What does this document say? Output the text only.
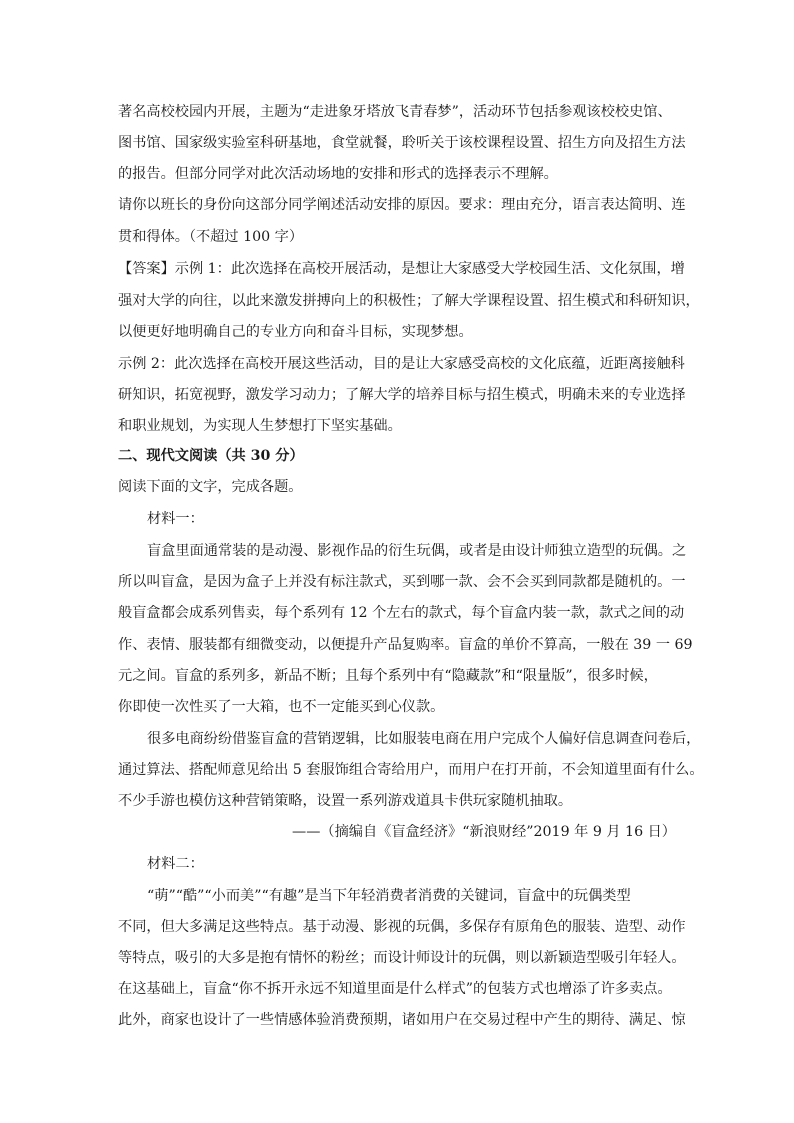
著名高校校园内开展，主题为“走进象牙塔放飞青春梦”，活动环节包括参观该校校史馆、
图书馆、国家级实验室科研基地，食堂就餐，聆听关于该校课程设置、招生方向及招生方法
的报告。但部分同学对此次活动场地的安排和形式的选择表示不理解。
请你以班长的身份向这部分同学阐述活动安排的原因。要求：理由充分，语言表达简明、连
贯和得体。（不超过 100 字）
【答案】示例 1：此次选择在高校开展活动，是想让大家感受大学校园生活、文化氛围，增
强对大学的向往，以此来激发拼搏向上的积极性；了解大学课程设置、招生模式和科研知识，
以便更好地明确自己的专业方向和奋斗目标，实现梦想。
示例 2：此次选择在高校开展这些活动，目的是让大家感受高校的文化底蕴，近距离接触科
研知识，拓宽视野，激发学习动力；了解大学的培养目标与招生模式，明确未来的专业选择
和职业规划，为实现人生梦想打下坚实基础。
二、现代文阅读（共 30 分）
阅读下面的文字，完成各题。
材料一：
盲盒里面通常装的是动漫、影视作品的衍生玩偶，或者是由设计师独立造型的玩偶。之
所以叫盲盒，是因为盒子上并没有标注款式，买到哪一款、会不会买到同款都是随机的。一
般盲盒都会成系列售卖，每个系列有 12 个左右的款式，每个盲盒内装一款，款式之间的动
作、表情、服装都有细微变动，以便提升产品复购率。盲盒的单价不算高，一般在 39 一 69
元之间。盲盒的系列多，新品不断；且每个系列中有“隐藏款”和“限量版”，很多时候，
你即使一次性买了一大箱，也不一定能买到心仪款。
很多电商纷纷借鉴盲盒的营销逻辑，比如服装电商在用户完成个人偏好信息调查问卷后，
通过算法、搭配师意见给出 5 套服饰组合寄给用户，而用户在打开前，不会知道里面有什么。
不少手游也模仿这种营销策略，设置一系列游戏道具卡供玩家随机抽取。
——（摘编自《盲盒经济》“新浪财经”2019 年 9 月 16 日）
材料二：
“萌”“酷”“小而美”“有趣”是当下年轻消费者消费的关键词，盲盒中的玩偶类型
不同，但大多满足这些特点。基于动漫、影视的玩偶，多保存有原角色的服装、造型、动作
等特点，吸引的大多是抱有情怀的粉丝；而设计师设计的玩偶，则以新颖造型吸引年轻人。
在这基础上，盲盒“你不拆开永远不知道里面是什么样式”的包装方式也增添了许多卖点。
此外，商家也设计了一些情感体验消费预期，诸如用户在交易过程中产生的期待、满足、惊
